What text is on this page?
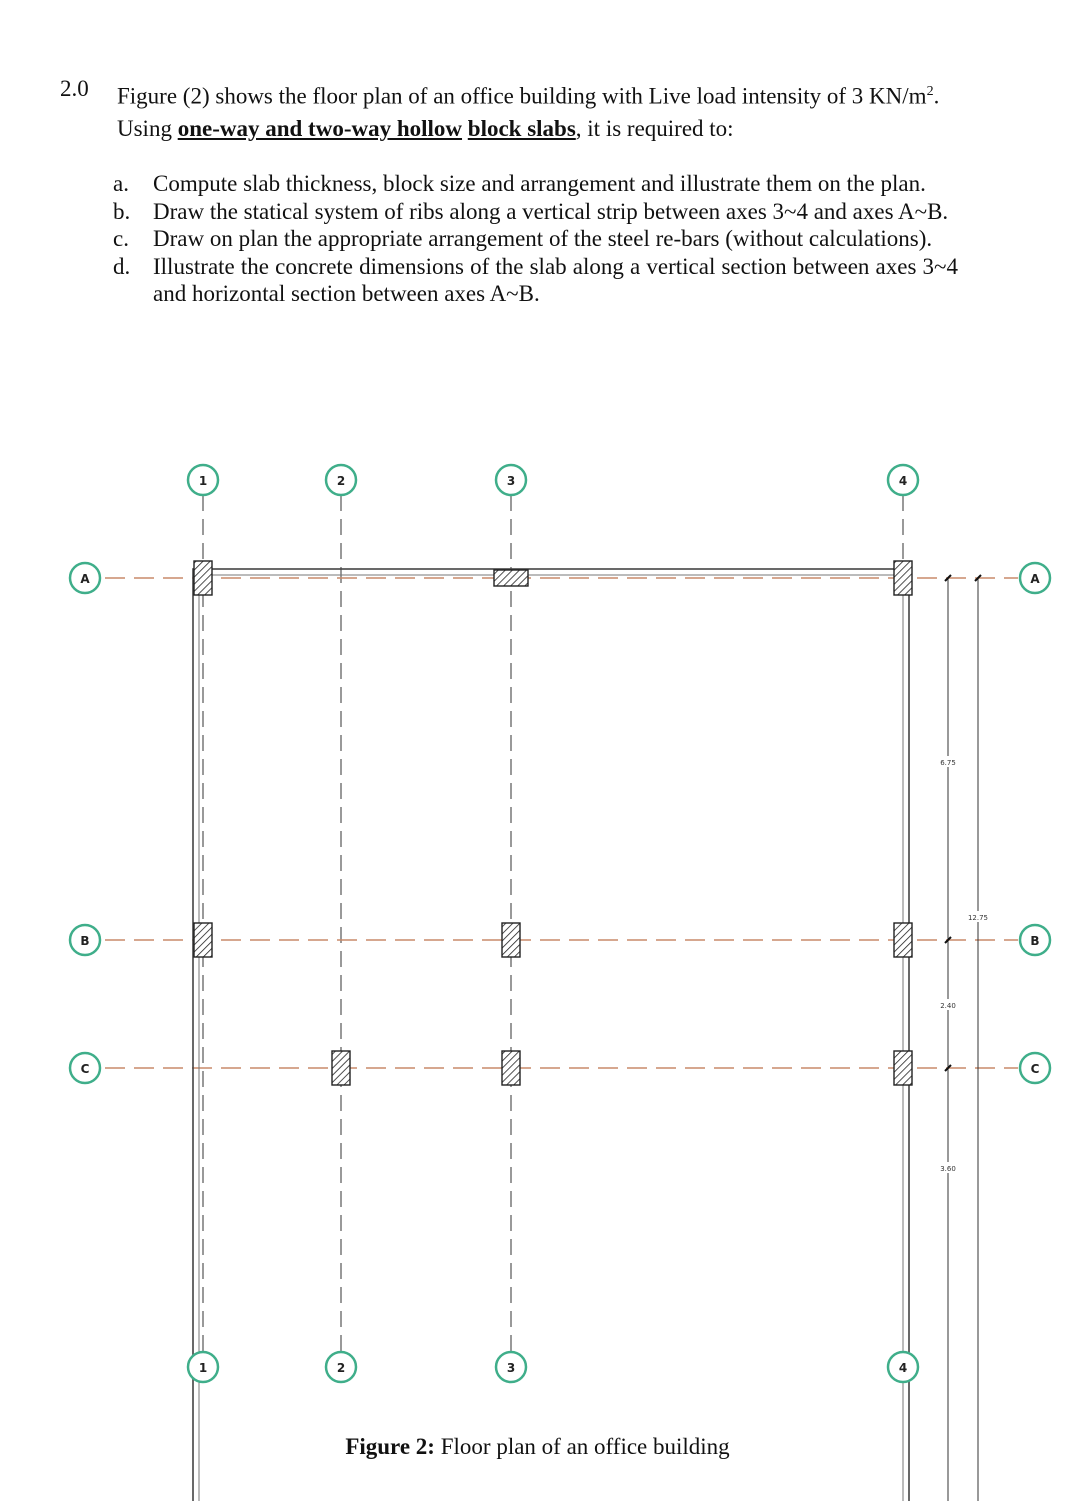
2.0 Figure (2) shows the floor plan of an office building with Live load intensity of 3 $KN/m^2$. Using one-way and two-way hollow block slabs, it is required to:
a.	Compute slab thickness, block size and arrangement and illustrate them on the plan.
b. Draw the statical system of ribs along a vertical strip between axes 3~4 and axes A~B.
c.	Draw on plan the appropriate arrangement of the steel re-bars (without calculations).
d. Illustrate the concrete dimensions of the slab along a vertical section between axes 3~4 and horizontal section between axes A~B.
6.75
2.40
3.60
12.75
1
1
2
2
3
3
4
4
A	A
B	B
C	C
Figure 2: Floor plan of an office building
